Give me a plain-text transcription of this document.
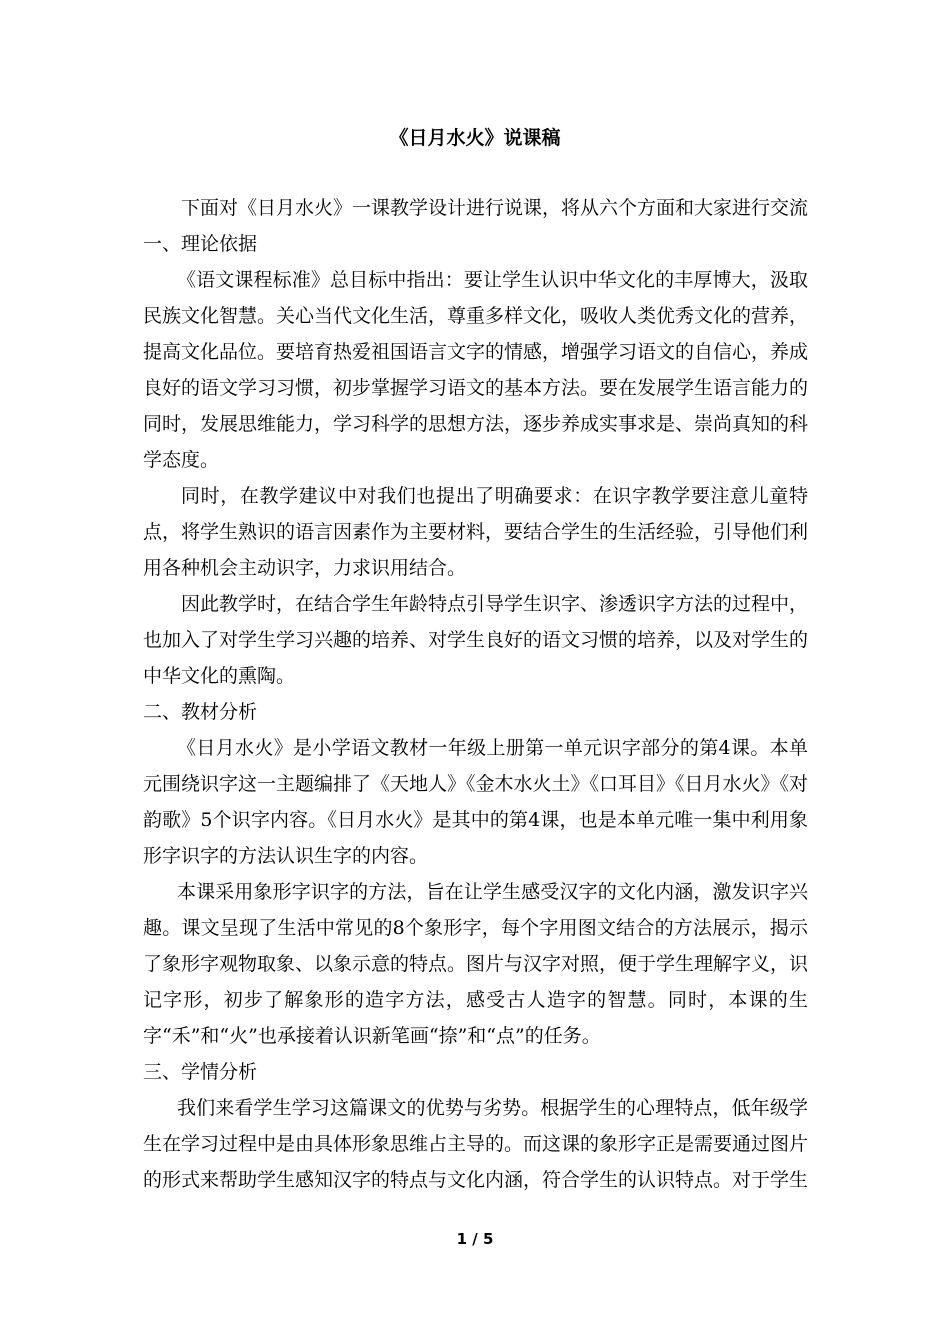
《日月水火》说课稿

下面对《日月水火》一课教学设计进行说课，将从六个方面和大家进行交流

一、理论依据

《语文课程标准》总目标中指出：要让学生认识中华文化的丰厚博大，汲取民族文化智慧。关心当代文化生活，尊重多样文化，吸收人类优秀文化的营养，提高文化品位。要培育热爱祖国语言文字的情感，增强学习语文的自信心，养成良好的语文学习习惯，初步掌握学习语文的基本方法。要在发展学生语言能力的同时，发展思维能力，学习科学的思想方法，逐步养成实事求是、崇尚真知的科学态度。

同时，在教学建议中对我们也提出了明确要求：在识字教学要注意儿童特点，将学生熟识的语言因素作为主要材料，要结合学生的生活经验，引导他们利用各种机会主动识字，力求识用结合。

因此教学时，在结合学生年龄特点引导学生识字、渗透识字方法的过程中，也加入了对学生学习兴趣的培养、对学生良好的语文习惯的培养，以及对学生的中华文化的熏陶。

二、教材分析

《日月水火》是小学语文教材一年级上册第一单元识字部分的第4课。本单元围绕识字这一主题编排了《天地人》《金木水火土》《口耳目》《日月水火》《对韵歌》5个识字内容。《日月水火》是其中的第4课，也是本单元唯一集中利用象形字识字的方法认识生字的内容。

本课采用象形字识字的方法，旨在让学生感受汉字的文化内涵，激发识字兴趣。课文呈现了生活中常见的8个象形字，每个字用图文结合的方法展示，揭示了象形字观物取象、以象示意的特点。图片与汉字对照，便于学生理解字义，识记字形，初步了解象形的造字方法，感受古人造字的智慧。同时，本课的生字“禾”和“火”也承接着认识新笔画“捺”和“点”的任务。

三、学情分析

我们来看学生学习这篇课文的优势与劣势。根据学生的心理特点，低年级学生在学习过程中是由具体形象思维占主导的。而这课的象形字正是需要通过图片的形式来帮助学生感知汉字的特点与文化内涵，符合学生的认识特点。对于学生

1 / 5
